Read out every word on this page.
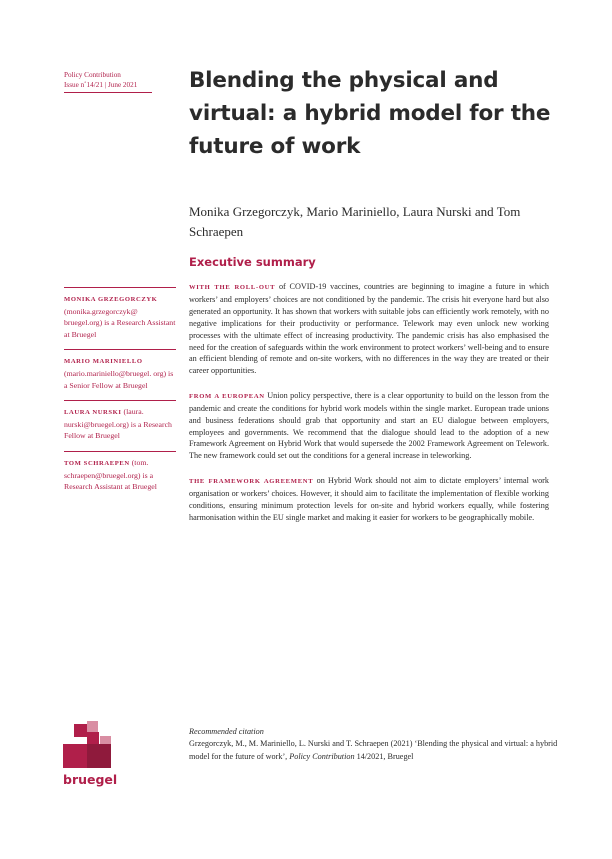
Policy Contribution
Issue n˚14/21 | June 2021	Blending the physical and virtual: a hybrid model for the future of work
Monika Grzegorczyk, Mario Mariniello, Laura Nurski and Tom Schraepen
Executive summary
MONIKA GRZEGORCZYK (monika.grzegorczyk@ bruegel.org) is a Research Assistant at Bruegel
MARIO MARINIELLO (mario.mariniello@bruegel. org) is a Senior Fellow at Bruegel
LAURA NURSKI (laura. nurski@bruegel.org) is a Research Fellow at Bruegel
TOM SCHRAEPEN (tom. schraepen@bruegel.org) is a Research Assistant at Bruegel

WITH THE ROLL-OUT of COVID-19 vaccines, countries are beginning to imagine a future in which workers’ and employers’ choices are not conditioned by the pandemic. The crisis hit everyone hard but also generated an opportunity. It has shown that workers with suitable jobs can efficiently work remotely, with no negative implications for their productivity or performance. Telework may even unlock new working processes with the ultimate effect of increasing productivity. The pandemic crisis has also emphasised the need for the creation of safeguards within the work environment to protect workers’ well-being and to ensure an efficient blending of remote and on-site workers, with no differences in the way they are treated or their career opportunities.

FROM A EUROPEAN Union policy perspective, there is a clear opportunity to build on the lesson from the pandemic and create the conditions for hybrid work models within the single market. European trade unions and business federations should grab that opportunity and start an EU dialogue between employers, employees and governments. We recommend that the dialogue should lead to the adoption of a new Framework Agreement on Hybrid Work that would supersede the 2002 Framework Agreement on Telework. The new framework could set out the conditions for a general increase in teleworking.

THE FRAMEWORK AGREEMENT on Hybrid Work should not aim to dictate employers’ internal work organisation or workers’ choices. However, it should aim to facilitate the implementation of flexible working conditions, ensuring minimum protection levels for on-site and hybrid workers equally, while fostering harmonisation within the EU single market and making it easier for workers to be geographically mobile.

bruegel
Recommended citation
Grzegorczyk, M., M. Mariniello, L. Nurski and T. Schraepen (2021) ‘Blending the physical and virtual: a hybrid model for the future of work’, Policy Contribution 14/2021, Bruegel
